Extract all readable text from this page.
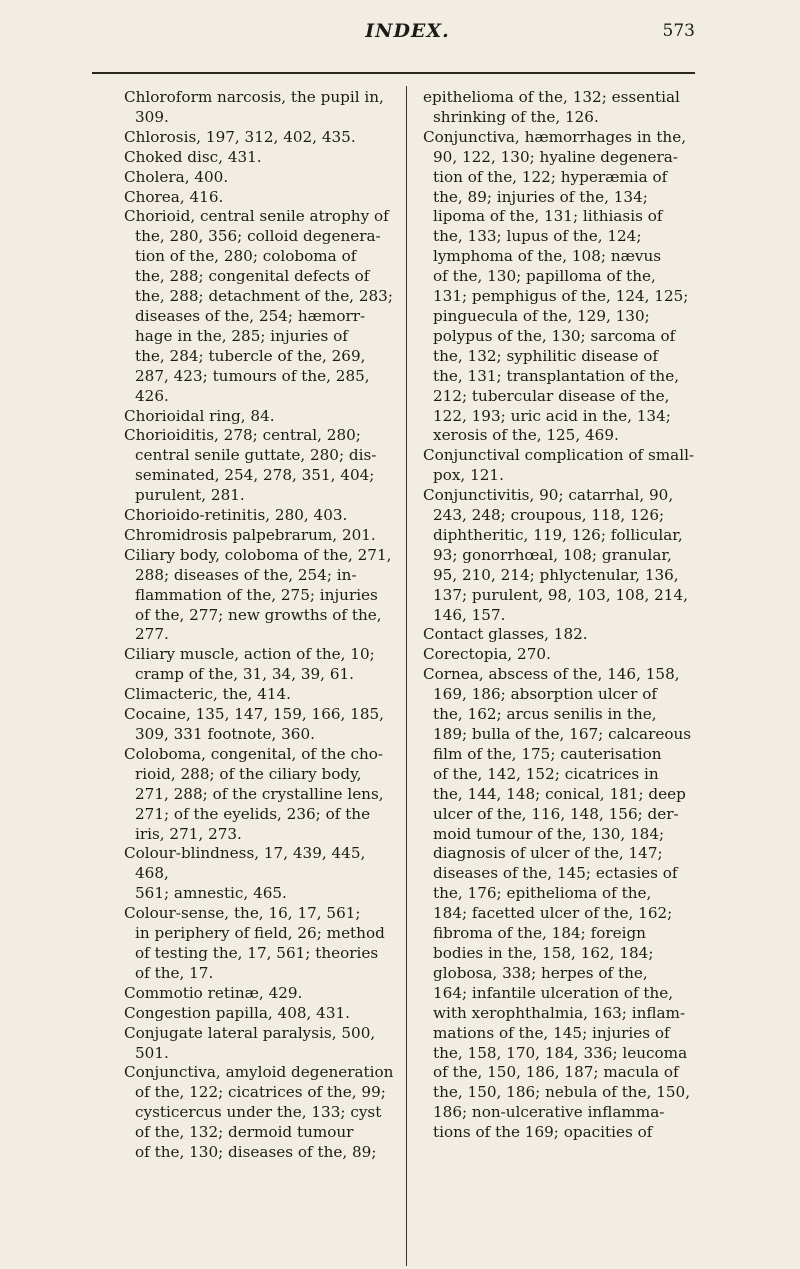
INDEX.	573

Chloroform narcosis, the pupil in,
309.

Chlorosis, 197, 312, 402, 435.

Choked disc, 431.

Cholera, 400.

Chorea, 416.

Chorioid, central senile atrophy of
the, 280, 356; colloid degenera-
tion of the, 280; coloboma of
the, 288; congenital defects of
the, 288; detachment of the, 283;
diseases of the, 254; hæmorr-
hage in the, 285; injuries of
the, 284; tubercle of the, 269,
287, 423; tumours of the, 285,
426.

Chorioidal ring, 84.

Chorioiditis, 278; central, 280;
central senile guttate, 280; dis-
seminated, 254, 278, 351, 404;
purulent, 281.

Chorioido-retinitis, 280, 403.

Chromidrosis palpebrarum, 201.

Ciliary body, coloboma of the, 271,
288; diseases of the, 254; in-
flammation of the, 275; injuries
of the, 277; new growths of the,
277.

Ciliary muscle, action of the, 10;
cramp of the, 31, 34, 39, 61.

Climacteric, the, 414.

Cocaine, 135, 147, 159, 166, 185,
309, 331 footnote, 360.

Coloboma, congenital, of the cho-
rioid, 288; of the ciliary body,
271, 288; of the crystalline lens,
271; of the eyelids, 236; of the
iris, 271, 273.

Colour-blindness, 17, 439, 445, 468,
561; amnestic, 465.

Colour-sense, the, 16, 17, 561;
in periphery of field, 26; method
of testing the, 17, 561; theories
of the, 17.

Commotio retinæ, 429.

Congestion papilla, 408, 431.

Conjugate lateral paralysis, 500,
501.

Conjunctiva, amyloid degeneration
of the, 122; cicatrices of the, 99;
cysticercus under the, 133; cyst
of the, 132; dermoid tumour
of the, 130; diseases of the, 89;

epithelioma of the, 132; essential
shrinking of the, 126.

Conjunctiva, hæmorrhages in the,
90, 122, 130; hyaline degenera-
tion of the, 122; hyperæmia of
the, 89; injuries of the, 134;
lipoma of the, 131; lithiasis of
the, 133; lupus of the, 124;
lymphoma of the, 108; nævus
of the, 130; papilloma of the,
131; pemphigus of the, 124, 125;
pinguecula of the, 129, 130;
polypus of the, 130; sarcoma of
the, 132; syphilitic disease of
the, 131; transplantation of the,
212; tubercular disease of the,
122, 193; uric acid in the, 134;
xerosis of the, 125, 469.

Conjunctival complication of small-
pox, 121.

Conjunctivitis, 90; catarrhal, 90,
243, 248; croupous, 118, 126;
diphtheritic, 119, 126; follicular,
93; gonorrhœal, 108; granular,
95, 210, 214; phlyctenular, 136,
137; purulent, 98, 103, 108, 214,
146, 157.

Contact glasses, 182.

Corectopia, 270.

Cornea, abscess of the, 146, 158,
169, 186; absorption ulcer of
the, 162; arcus senilis in the,
189; bulla of the, 167; calcareous
film of the, 175; cauterisation
of the, 142, 152; cicatrices in
the, 144, 148; conical, 181; deep
ulcer of the, 116, 148, 156; der-
moid tumour of the, 130, 184;
diagnosis of ulcer of the, 147;
diseases of the, 145; ectasies of
the, 176; epithelioma of the,
184; facetted ulcer of the, 162;
fibroma of the, 184; foreign
bodies in the, 158, 162, 184;
globosa, 338; herpes of the,
164; infantile ulceration of the,
with xerophthalmia, 163; inflam-
mations of the, 145; injuries of
the, 158, 170, 184, 336; leucoma
of the, 150, 186, 187; macula of
the, 150, 186; nebula of the, 150,
186; non-ulcerative inflamma-
tions of the 169; opacities of
